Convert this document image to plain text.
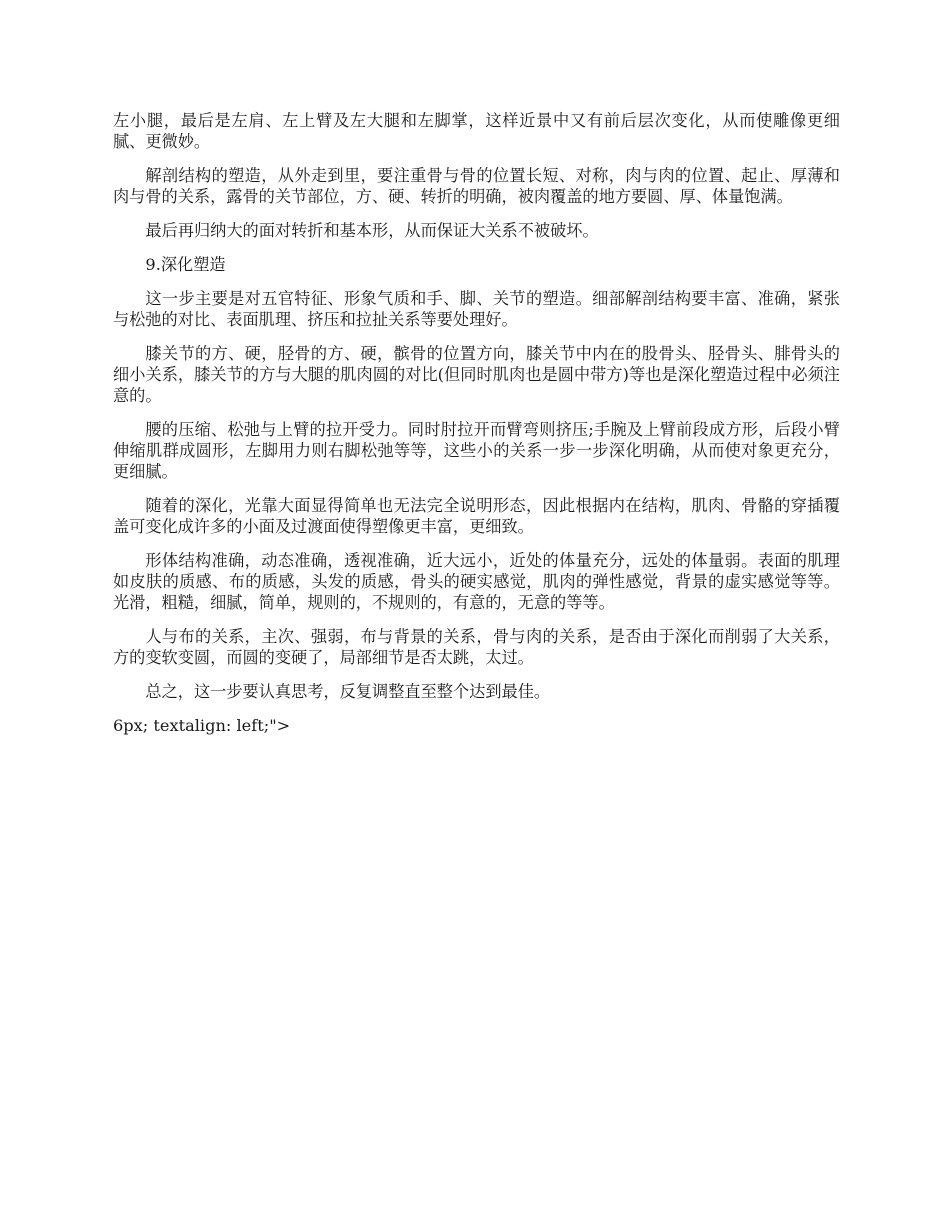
左小腿，最后是左肩、左上臂及左大腿和左脚掌，这样近景中又有前后层次变化，从而使雕像更细腻、更微妙。

解剖结构的塑造，从外走到里，要注重骨与骨的位置长短、对称，肉与肉的位置、起止、厚薄和肉与骨的关系，露骨的关节部位，方、硬、转折的明确，被肉覆盖的地方要圆、厚、体量饱满。

最后再归纳大的面对转折和基本形，从而保证大关系不被破坏。

9.深化塑造

这一步主要是对五官特征、形象气质和手、脚、关节的塑造。细部解剖结构要丰富、准确，紧张与松弛的对比、表面肌理、挤压和拉扯关系等要处理好。

膝关节的方、硬，胫骨的方、硬，髌骨的位置方向，膝关节中内在的股骨头、胫骨头、腓骨头的细小关系，膝关节的方与大腿的肌肉圆的对比(但同时肌肉也是圆中带方)等也是深化塑造过程中必须注意的。

腰的压缩、松弛与上臂的拉开受力。同时肘拉开而臂弯则挤压;手腕及上臂前段成方形，后段小臂伸缩肌群成圆形，左脚用力则右脚松弛等等，这些小的关系一步一步深化明确，从而使对象更充分，更细腻。

随着的深化，光靠大面显得简单也无法完全说明形态，因此根据内在结构，肌肉、骨骼的穿插覆盖可变化成许多的小面及过渡面使得塑像更丰富，更细致。

形体结构准确，动态准确，透视准确，近大远小，近处的体量充分，远处的体量弱。表面的肌理如皮肤的质感、布的质感，头发的质感，骨头的硬实感觉，肌肉的弹性感觉，背景的虚实感觉等等。光滑，粗糙，细腻，简单，规则的，不规则的，有意的，无意的等等。

人与布的关系，主次、强弱，布与背景的关系，骨与肉的关系，是否由于深化而削弱了大关系，方的变软变圆，而圆的变硬了，局部细节是否太跳，太过。

总之，这一步要认真思考，反复调整直至整个达到最佳。

6px; textalign: left;">
